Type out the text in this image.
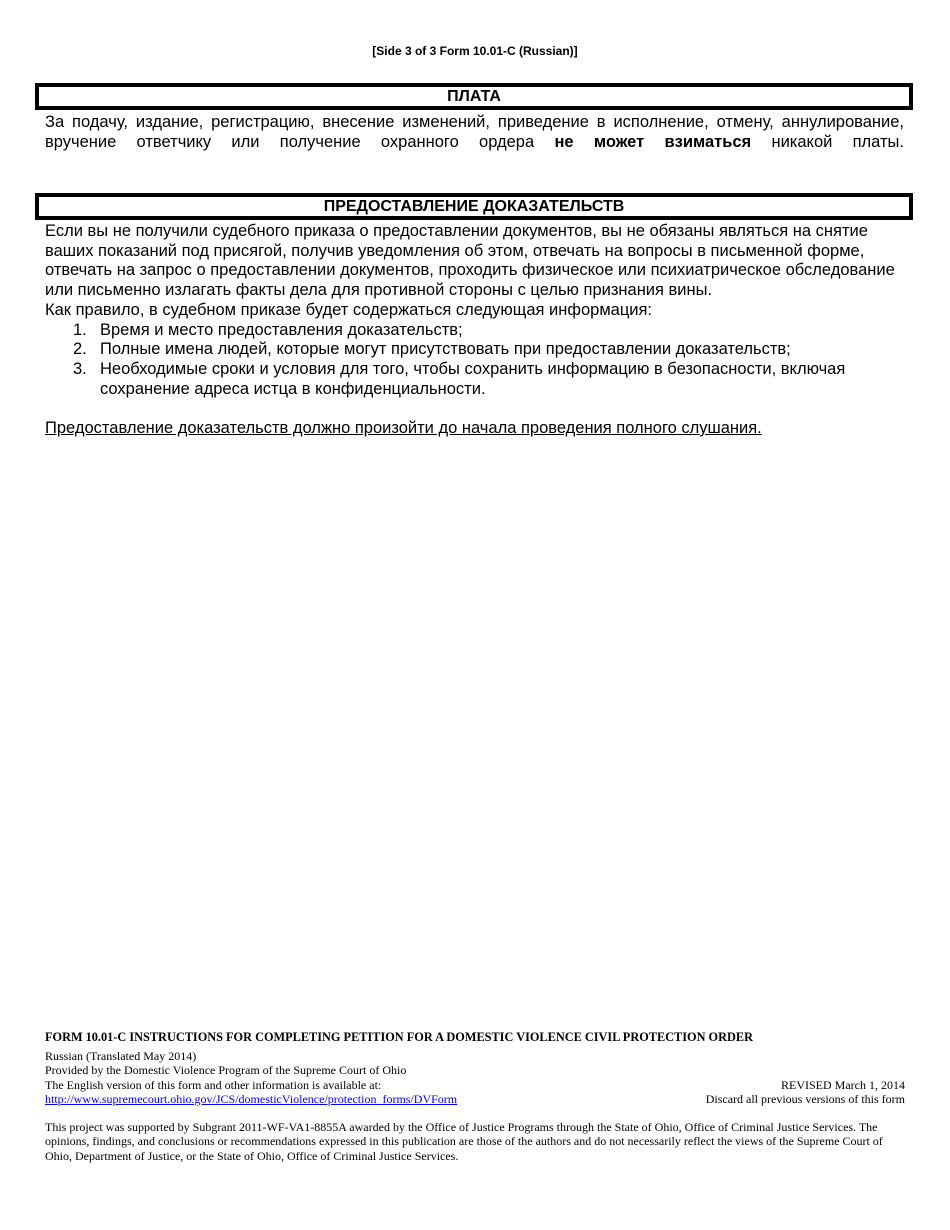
[Side 3 of 3 Form 10.01-C (Russian)]
ПЛАТА
За подачу, издание, регистрацию, внесение изменений, приведение в исполнение, отмену, аннулирование, вручение ответчику или получение охранного ордера не может взиматься никакой платы.
ПРЕДОСТАВЛЕНИЕ ДОКАЗАТЕЛЬСТВ
Если вы не получили судебного приказа о предоставлении документов, вы не обязаны являться на снятие ваших показаний под присягой, получив уведомления об этом, отвечать на вопросы в письменной форме, отвечать на запрос о предоставлении документов, проходить физическое или психиатрическое обследование или письменно излагать факты дела для противной стороны с целью признания вины.
Как правило, в судебном приказе будет содержаться следующая информация:
1. Время и место предоставления доказательств;
2. Полные имена людей, которые могут присутствовать при предоставлении доказательств;
3. Необходимые сроки и условия для того, чтобы сохранить информацию в безопасности, включая сохранение адреса истца в конфиденциальности.
Предоставление доказательств должно произойти до начала проведения полного слушания.
FORM 10.01-C INSTRUCTIONS FOR COMPLETING PETITION FOR A DOMESTIC VIOLENCE CIVIL PROTECTION ORDER
Russian (Translated May 2014)
Provided by the Domestic Violence Program of the Supreme Court of Ohio
The English version of this form and other information is available at:	REVISED March 1, 2014
http://www.supremecourt.ohio.gov/JCS/domesticViolence/protection_forms/DVForm	Discard all previous versions of this form
This project was supported by Subgrant 2011-WF-VA1-8855A awarded by the Office of Justice Programs through the State of Ohio, Office of Criminal Justice Services. The opinions, findings, and conclusions or recommendations expressed in this publication are those of the authors and do not necessarily reflect the views of the Supreme Court of Ohio, Department of Justice, or the State of Ohio, Office of Criminal Justice Services.
